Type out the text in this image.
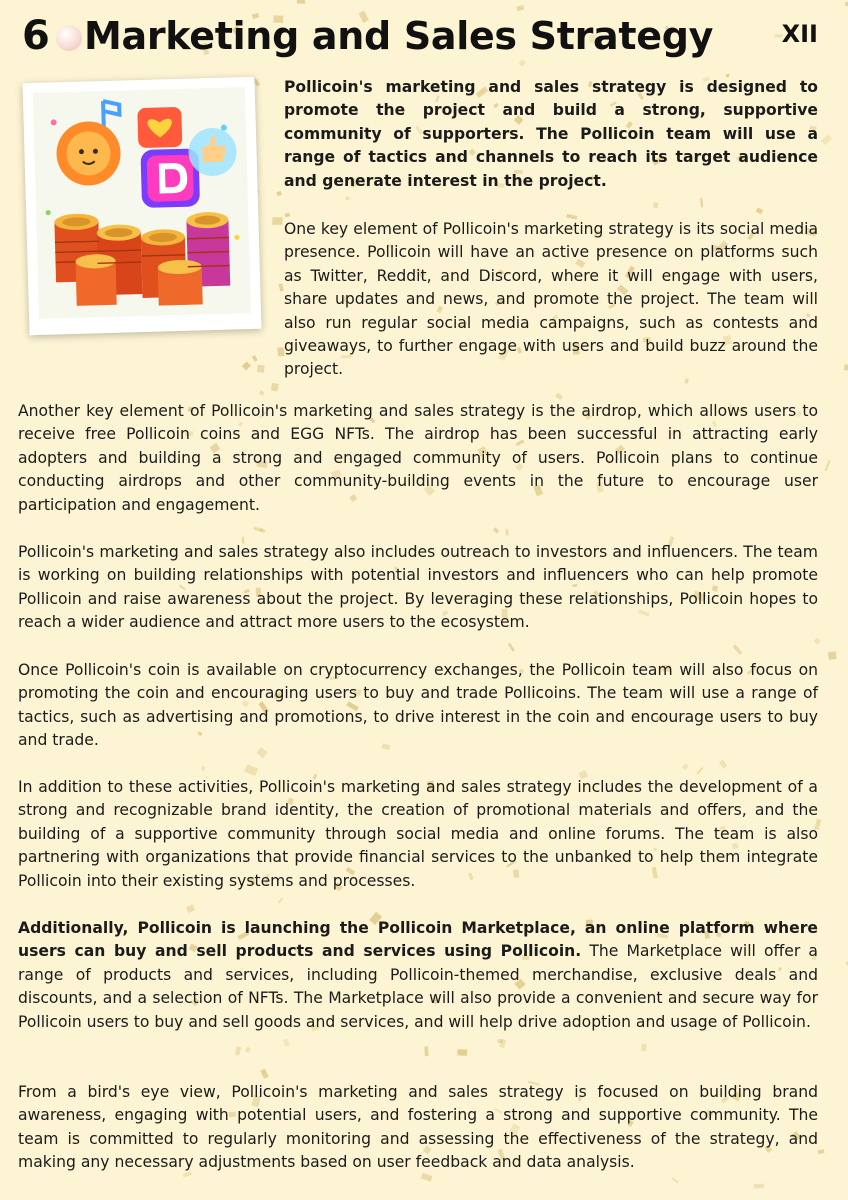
6 Marketing and Sales Strategy	XII

Pollicoin's marketing and sales strategy is designed to promote the project and build a strong, supportive community of supporters. The Pollicoin team will use a range of tactics and channels to reach its target audience and generate interest in the project.

One key element of Pollicoin's marketing strategy is its social media presence. Pollicoin will have an active presence on platforms such as Twitter, Reddit, and Discord, where it will engage with users, share updates and news, and promote the project. The team will also run regular social media campaigns, such as contests and giveaways, to further engage with users and build buzz around the project.

Another key element of Pollicoin's marketing and sales strategy is the airdrop, which allows users to receive free Pollicoin coins and EGG NFTs. The airdrop has been successful in attracting early adopters and building a strong and engaged community of users. Pollicoin plans to continue conducting airdrops and other community-building events in the future to encourage user participation and engagement.

Pollicoin's marketing and sales strategy also includes outreach to investors and influencers. The team is working on building relationships with potential investors and influencers who can help promote Pollicoin and raise awareness about the project. By leveraging these relationships, Pollicoin hopes to reach a wider audience and attract more users to the ecosystem.

Once Pollicoin's coin is available on cryptocurrency exchanges, the Pollicoin team will also focus on promoting the coin and encouraging users to buy and trade Pollicoins. The team will use a range of tactics, such as advertising and promotions, to drive interest in the coin and encourage users to buy and trade.

In addition to these activities, Pollicoin's marketing and sales strategy includes the development of a strong and recognizable brand identity, the creation of promotional materials and offers, and the building of a supportive community through social media and online forums. The team is also partnering with organizations that provide financial services to the unbanked to help them integrate Pollicoin into their existing systems and processes.

Additionally, Pollicoin is launching the Pollicoin Marketplace, an online platform where users can buy and sell products and services using Pollicoin. The Marketplace will offer a range of products and services, including Pollicoin-themed merchandise, exclusive deals and discounts, and a selection of NFTs. The Marketplace will also provide a convenient and secure way for Pollicoin users to buy and sell goods and services, and will help drive adoption and usage of Pollicoin.

From a bird's eye view, Pollicoin's marketing and sales strategy is focused on building brand awareness, engaging with potential users, and fostering a strong and supportive community. The team is committed to regularly monitoring and assessing the effectiveness of the strategy, and making any necessary adjustments based on user feedback and data analysis.
